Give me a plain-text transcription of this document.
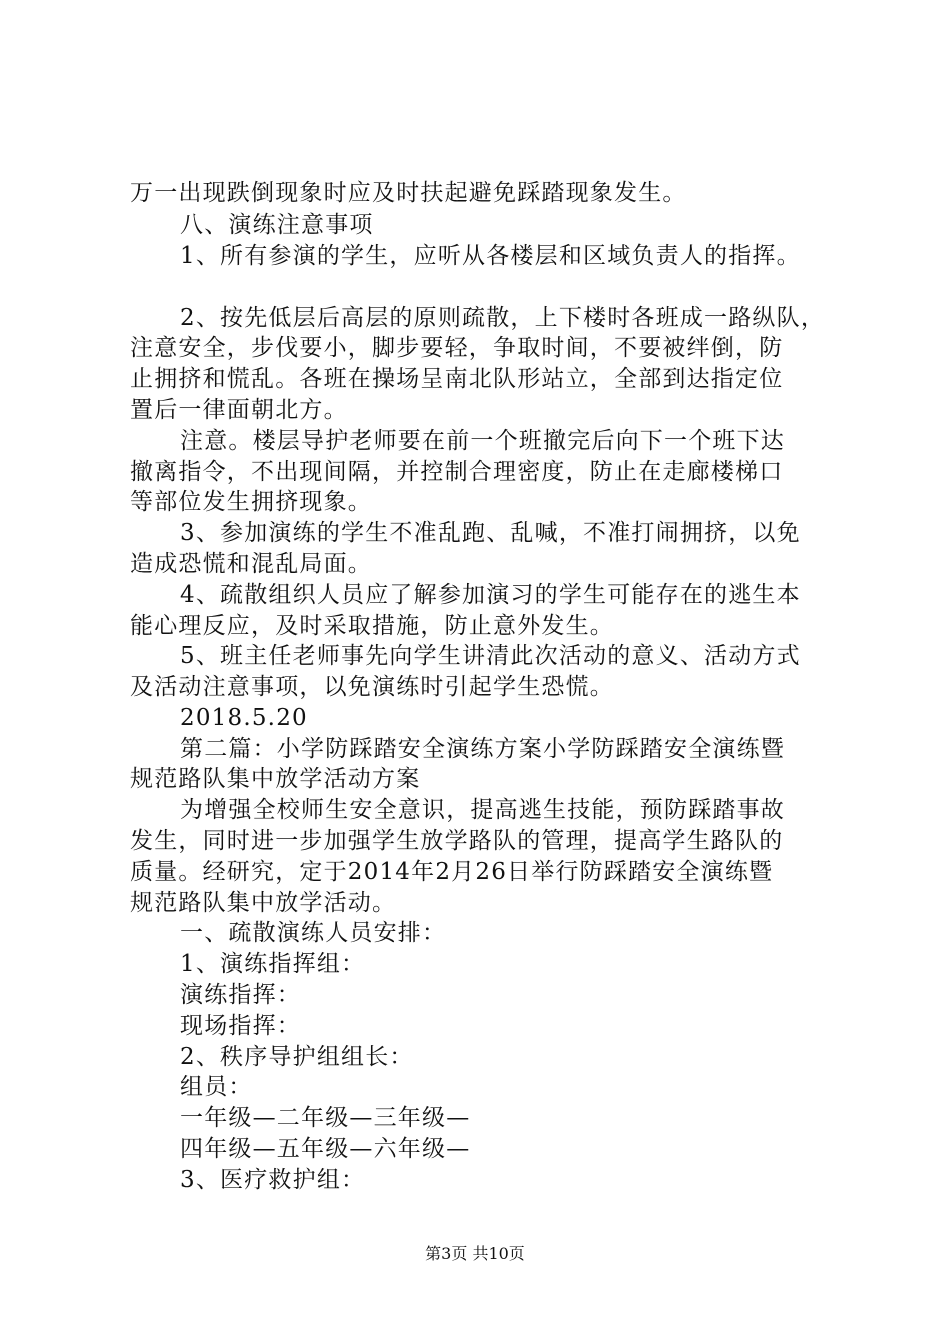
万一出现跌倒现象时应及时扶起避免踩踏现象发生。
八、演练注意事项
1、所有参演的学生，应听从各楼层和区域负责人的指挥。
2、按先低层后高层的原则疏散，上下楼时各班成一路纵队，
注意安全，步伐要小，脚步要轻，争取时间，不要被绊倒，防
止拥挤和慌乱。各班在操场呈南北队形站立，全部到达指定位
置后一律面朝北方。
注意。楼层导护老师要在前一个班撤完后向下一个班下达
撤离指令，不出现间隔，并控制合理密度，防止在走廊楼梯口
等部位发生拥挤现象。
3、参加演练的学生不准乱跑、乱喊，不准打闹拥挤，以免
造成恐慌和混乱局面。
4、疏散组织人员应了解参加演习的学生可能存在的逃生本
能心理反应，及时采取措施，防止意外发生。
5、班主任老师事先向学生讲清此次活动的意义、活动方式
及活动注意事项，以免演练时引起学生恐慌。
2018.5.20
第二篇：小学防踩踏安全演练方案小学防踩踏安全演练暨
规范路队集中放学活动方案
为增强全校师生安全意识，提高逃生技能，预防踩踏事故
发生，同时进一步加强学生放学路队的管理，提高学生路队的
质量。经研究，定于2014年2月26日举行防踩踏安全演练暨
规范路队集中放学活动。
一、疏散演练人员安排：
1、演练指挥组：
演练指挥：
现场指挥：
2、秩序导护组组长：
组员：
一年级—二年级—三年级—
四年级—五年级—六年级—
3、医疗救护组：
第3页 共10页
